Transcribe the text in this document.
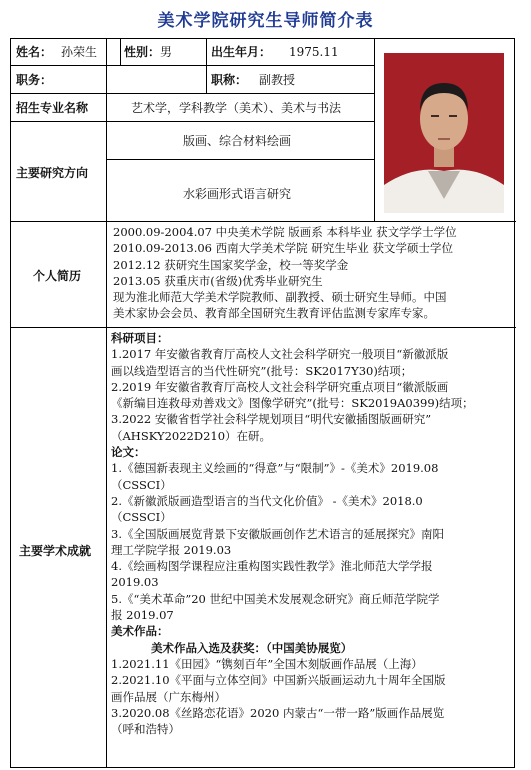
美术学院研究生导师简介表
姓名： 孙荣生 性别：男	出生年月： 1975.11
职务：	职称： 副教授
招生专业名称	艺术学，学科教学（美术）、美术与书法
主要研究方向
版画、综合材料绘画
水彩画形式语言研究
个人简历
2000.09-2004.07 中央美术学院 版画系 本科毕业 获文学学士学位
2010.09-2013.06 西南大学美术学院 研究生毕业 获文学硕士学位
2012.12 获研究生国家奖学金，校一等奖学金
2013.05 获重庆市(省级)优秀毕业研究生
现为淮北师范大学美术学院教师、副教授、硕士研究生导师。中国
美术家协会会员、教育部全国研究生教育评估监测专家库专家。
主要学术成就
科研项目：
1.2017 年安徽省教育厅高校人文社会科学研究一般项目“新徽派版
画以线造型语言的当代性研究”(批号：SK2017Y30)结项；
2.2019 年安徽省教育厅高校人文社会科学研究重点项目“徽派版画
《新编目连救母劝善戏文》图像学研究”(批号：SK2019A0399)结项；
3.2022 安徽省哲学社会科学规划项目“明代安徽插图版画研究”
（AHSKY2022D210）在研。
论文：
1.《德国新表现主义绘画的“得意”与“限制”》-《美术》2019.08
（CSSCI）
2.《新徽派版画造型语言的当代文化价值》 -《美术》2018.0
（CSSCI）
3.《全国版画展览背景下安徽版画创作艺术语言的延展探究》南阳
理工学院学报 2019.03
4.《绘画构图学课程应注重构图实践性教学》淮北师范大学学报
2019.03
5.《“美术革命”20 世纪中国美术发展观念研究》商丘师范学院学
报 2019.07
美术作品：
美术作品入选及获奖：（中国美协展览）
1.2021.11《田园》“镌刻百年”全国木刻版画作品展（上海）
2.2021.10《平面与立体空间》中国新兴版画运动九十周年全国版
画作品展（广东梅州）
3.2020.08《丝路恋花语》2020 内蒙古“一带一路”版画作品展览
（呼和浩特）
